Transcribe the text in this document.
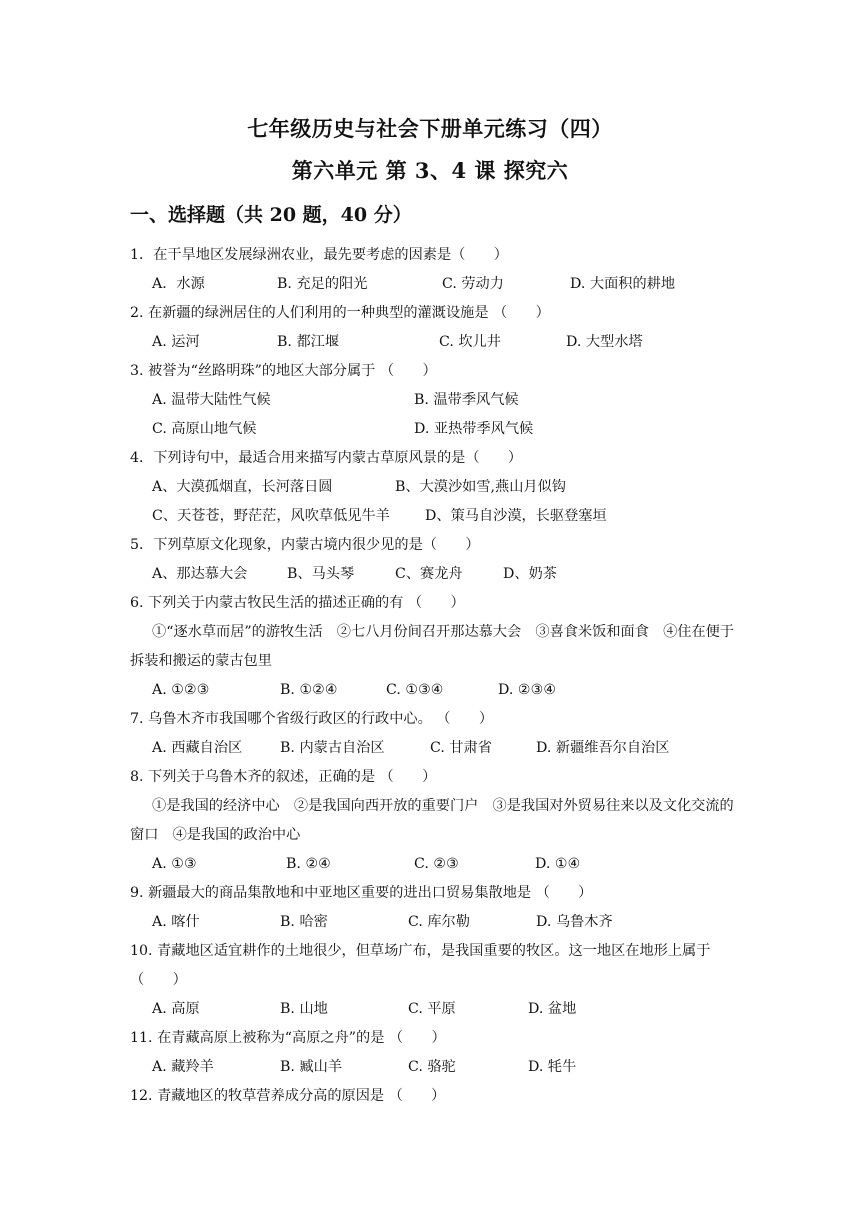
七年级历史与社会下册单元练习（四）
第六单元 第 3、4 课 探究六
一、选择题（共 20 题，40 分）
1．在干旱地区发展绿洲农业，最先要考虑的因素是（　　）
A．水源	B. 充足的阳光	C. 劳动力	D. 大面积的耕地
2. 在新疆的绿洲居住的人们利用的一种典型的灌溉设施是 （　　）
A. 运河	B. 都江堰	C. 坎儿井	D. 大型水塔
3. 被誉为“丝路明珠”的地区大部分属于 （　　）
A. 温带大陆性气候	B. 温带季风气候
C. 高原山地气候	D. 亚热带季风气候
4．下列诗句中，最适合用来描写内蒙古草原风景的是（　　）
A、大漠孤烟直，长河落日圆	B、大漠沙如雪,燕山月似钩
C、天苍苍，野茫茫，风吹草低见牛羊	D、策马自沙漠，长驱登塞垣
5．下列草原文化现象，内蒙古境内很少见的是（　　）
A、那达慕大会	B、马头琴	C、赛龙舟	D、奶茶
6. 下列关于内蒙古牧民生活的描述正确的有 （　　）
①“逐水草而居”的游牧生活　②七八月份间召开那达慕大会　③喜食米饭和面食　④住在便于拆装和搬运的蒙古包里
A. ①②③	B. ①②④	C. ①③④	D. ②③④
7. 乌鲁木齐市我国哪个省级行政区的行政中心。 （　　）
A. 西藏自治区	B. 内蒙古自治区	C. 甘肃省	D. 新疆维吾尔自治区
8. 下列关于乌鲁木齐的叙述，正确的是 （　　）
①是我国的经济中心　②是我国向西开放的重要门户　③是我国对外贸易往来以及文化交流的窗口　④是我国的政治中心
A. ①③	B. ②④	C. ②③	D. ①④
9. 新疆最大的商品集散地和中亚地区重要的进出口贸易集散地是 （　　）
A. 喀什	B. 哈密	C. 库尔勒	D. 乌鲁木齐
10. 青藏地区适宜耕作的土地很少，但草场广布，是我国重要的牧区。这一地区在地形上属于 （　　）
A. 高原	B. 山地	C. 平原	D. 盆地
11. 在青藏高原上被称为“高原之舟”的是 （　　）
A. 藏羚羊	B. 臧山羊	C. 骆驼	D. 牦牛
12. 青藏地区的牧草营养成分高的原因是 （　　）
